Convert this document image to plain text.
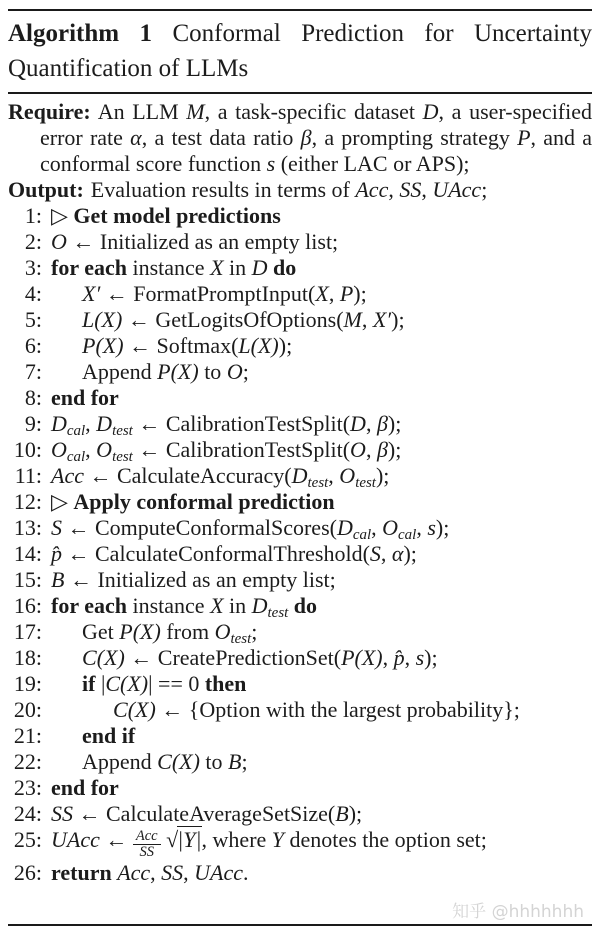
Algorithm 1 Conformal Prediction for Uncertainty
Quantification of LLMs
Require: An LLM M, a task-specific dataset D, a user-specified error rate α, a test data ratio β, a prompting strategy P, and a conformal score function s (either LAC or APS);
Output: Evaluation results in terms of Acc, SS, UAcc;
1: ▷ Get model predictions
2: O ← Initialized as an empty list;
3: for each instance X in D do
4:	X′ ← FormatPromptInput(X, P);
5:	L(X) ← GetLogitsOfOptions(M, X′);
6:	P(X) ← Softmax(L(X));
7:	Append P(X) to O;
8: end for
9: Dcal, Dtest ← CalibrationTestSplit(D, β);
10: Ocal, Otest ← CalibrationTestSplit(O, β);
11: Acc ← CalculateAccuracy(Dtest, Otest);
12: ▷ Apply conformal prediction
13: S ← ComputeConformalScores(Dcal, Ocal, s);
14: p̂ ← CalculateConformalThreshold(S, α);
15: B ← Initialized as an empty list;
16: for each instance X in Dtest do
17:	Get P(X) from Otest;
18:	C(X) ← CreatePredictionSet(P(X), p̂, s);
19:	if |C(X)| == 0 then
20:	C(X) ← {Option with the largest probability};
21:	end if
22:	Append C(X) to B;
23: end for
24: SS ← CalculateAverageSetSize(B);
25: UAcc ← $\frac{\text{Acc}}{SS} √|Y|$, where Y denotes the option set;
26: return Acc, SS, UAcc.
知乎 @hhhhhhh
